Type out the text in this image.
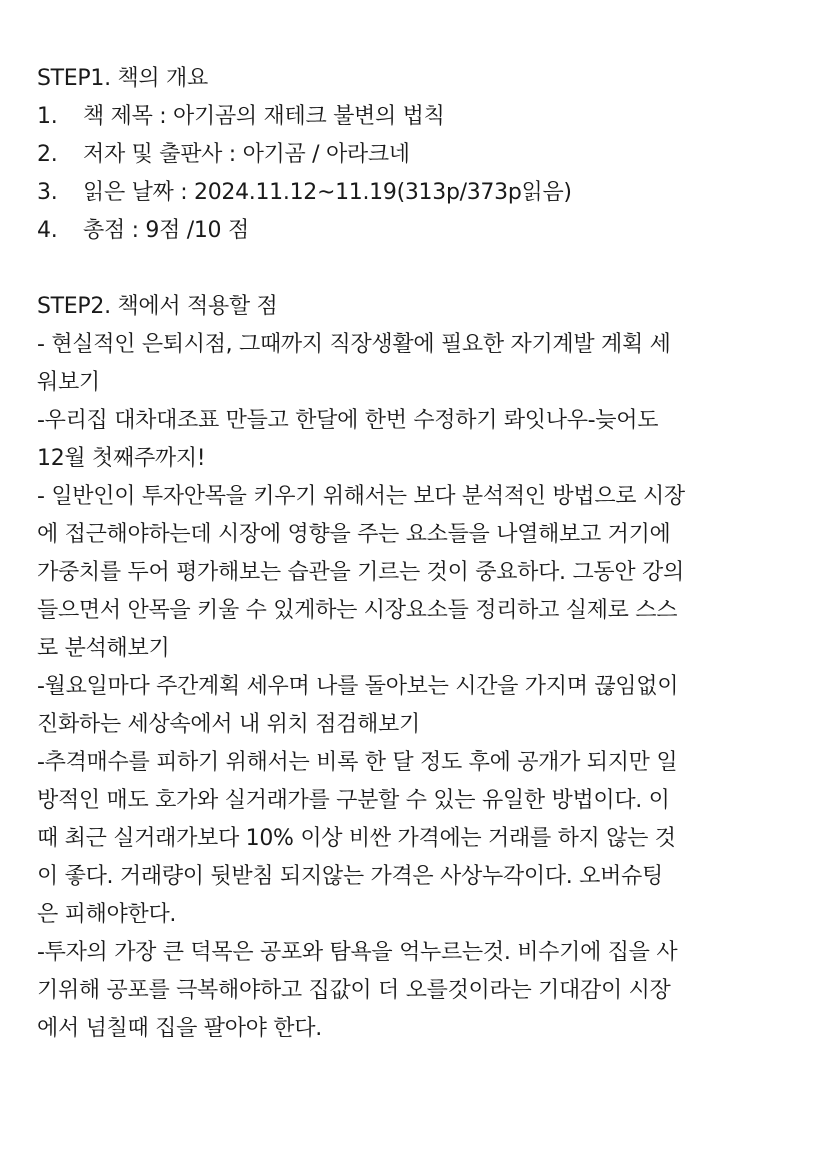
STEP1. 책의 개요
1.	책 제목 : 아기곰의 재테크 불변의 법칙
2.	저자 및 출판사 : 아기곰 / 아라크네
3.	읽은 날짜 : 2024.11.12~11.19(313p/373p읽음)
4.	총점 : 9점 /10 점
STEP2. 책에서 적용할 점

- 현실적인 은퇴시점, 그때까지 직장생활에 필요한 자기계발 계획 세
워보기

-우리집 대차대조표 만들고 한달에 한번 수정하기 롸잇나우-늦어도
12월 첫째주까지!

- 일반인이 투자안목을 키우기 위해서는 보다 분석적인 방법으로 시장
에 접근해야하는데 시장에 영향을 주는 요소들을 나열해보고 거기에
가중치를 두어 평가해보는 습관을 기르는 것이 중요하다. 그동안 강의
들으면서 안목을 키울 수 있게하는 시장요소들 정리하고 실제로 스스
로 분석해보기

-월요일마다 주간계획 세우며 나를 돌아보는 시간을 가지며 끊임없이
진화하는 세상속에서 내 위치 점검해보기

-추격매수를 피하기 위해서는 비록 한 달 정도 후에 공개가 되지만 일
방적인 매도 호가와 실거래가를 구분할 수 있는 유일한 방법이다. 이
때 최근 실거래가보다 10% 이상 비싼 가격에는 거래를 하지 않는 것
이 좋다. 거래량이 뒷받침 되지않는 가격은 사상누각이다. 오버슈팅
은 피해야한다.

-투자의 가장 큰 덕목은 공포와 탐욕을 억누르는것. 비수기에 집을 사
기위해 공포를 극복해야하고 집값이 더 오를것이라는 기대감이 시장
에서 넘칠때 집을 팔아야 한다.
